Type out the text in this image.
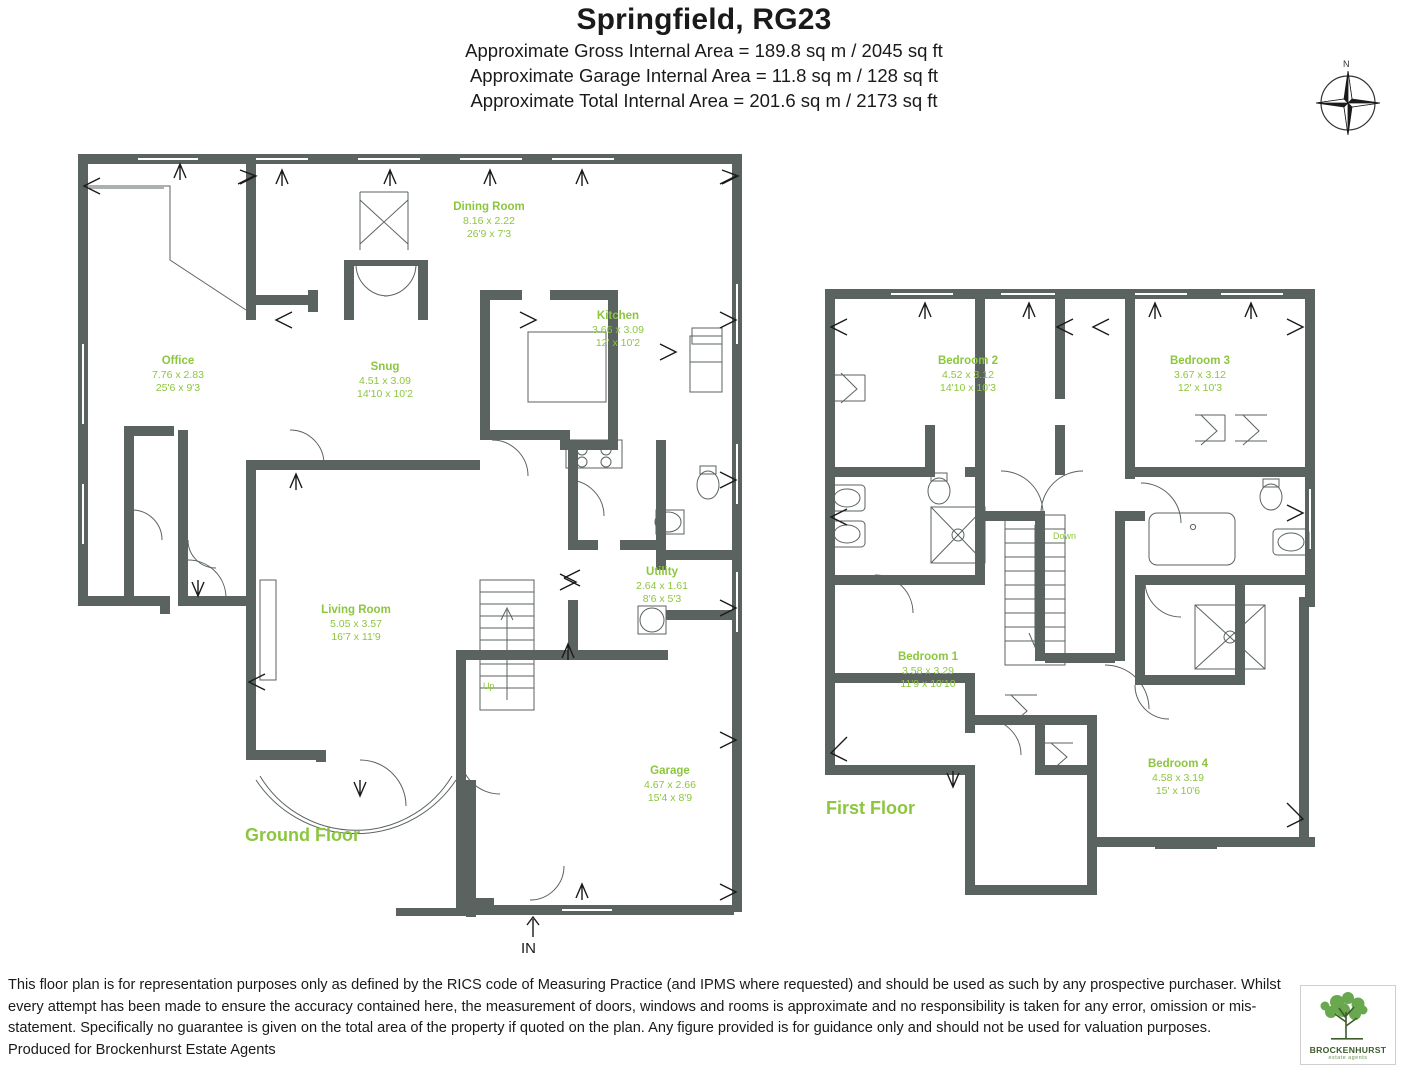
Springfield, RG23
Approximate Gross Internal Area = 189.8 sq m / 2045 sq ft
Approximate Garage Internal Area = 11.8 sq m / 128 sq ft
Approximate Total Internal Area = 201.6 sq m / 2173 sq ft
N
Ground Floor
Office
7.76 x 2.83
25'6 x 9'3
Dining Room
8.16 x 2.22
26'9 x 7'3
Snug
4.51 x 3.09
14'10 x 10'2
Kitchen
3.66 x 3.09
12' x 10'2
Utility
2.64 x 1.61
8'6 x 5'3
Living Room
5.05 x 3.57
16'7 x 11'9
Garage
4.67 x 2.66
15'4 x 8'9
Up
IN
First Floor
Bedroom 2
4.52 x 3.12
14'10 x 10'3
Bedroom 3
3.67 x 3.12
12' x 10'3
Bedroom 1
3.58 x 3.29
11'9 x 10'10
Bedroom 4
4.58 x 3.19
15' x 10'6
Down
This floor plan is for representation purposes only as defined by the RICS code of Measuring Practice (and IPMS where requested) and should be used as such by any prospective purchaser. Whilst every attempt has been made to ensure the accuracy contained here, the measurement of doors, windows and rooms is approximate and no responsibility is taken for any error, omission or mis-statement. Specifically no guarantee is given on the total area of the property if quoted on the plan. Any figure provided is for guidance only and should not be used for valuation purposes.
Produced for Brockenhurst Estate Agents	BROCKENHURST
estate agents
